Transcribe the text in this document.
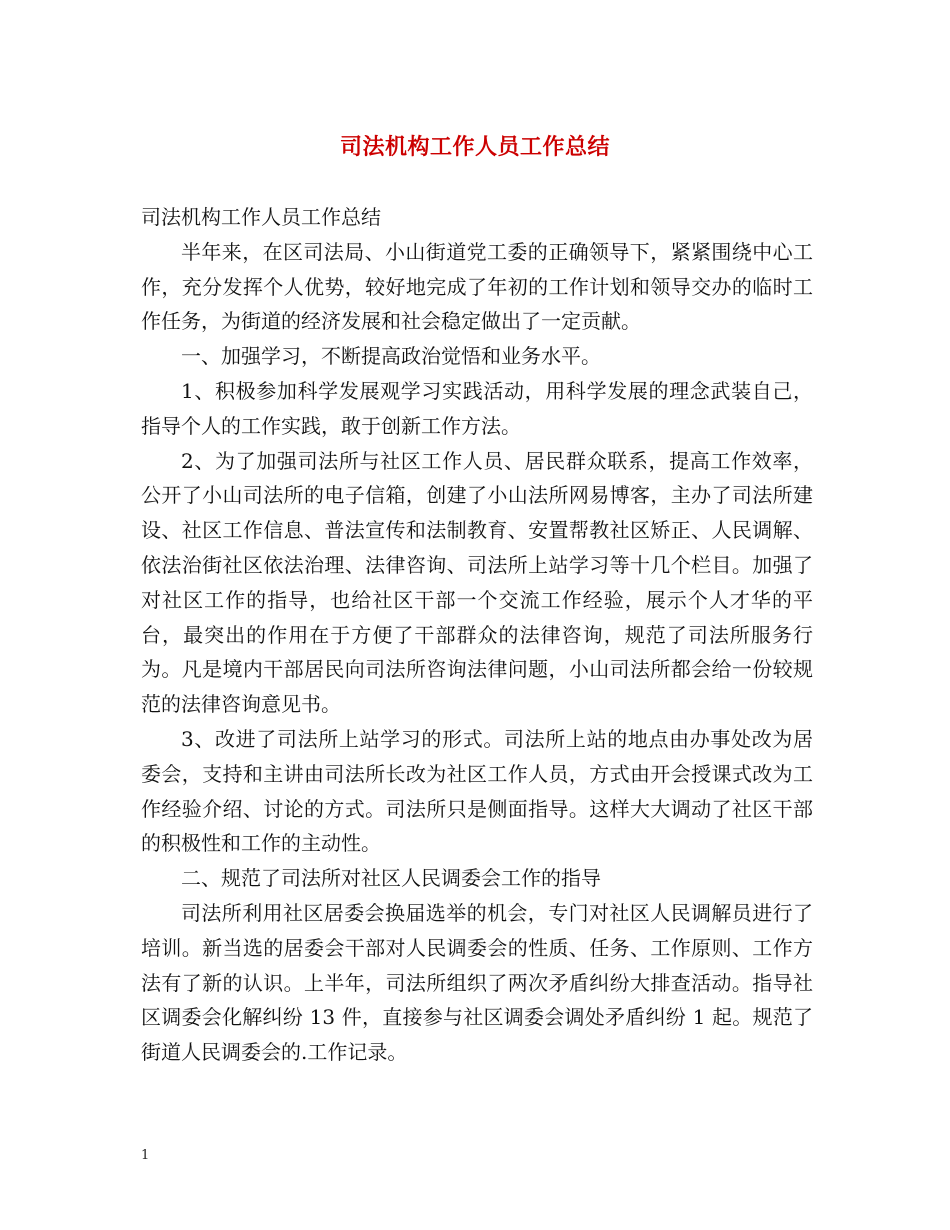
司法机构工作人员工作总结

司法机构工作人员工作总结

半年来，在区司法局、小山街道党工委的正确领导下，紧紧围绕中心工作，充分发挥个人优势，较好地完成了年初的工作计划和领导交办的临时工作任务，为街道的经济发展和社会稳定做出了一定贡献。

一、加强学习，不断提高政治觉悟和业务水平。

1、积极参加科学发展观学习实践活动，用科学发展的理念武装自己，指导个人的工作实践，敢于创新工作方法。

2、为了加强司法所与社区工作人员、居民群众联系，提高工作效率，公开了小山司法所的电子信箱，创建了小山法所网易博客，主办了司法所建设、社区工作信息、普法宣传和法制教育、安置帮教社区矫正、人民调解、依法治街社区依法治理、法律咨询、司法所上站学习等十几个栏目。加强了对社区工作的指导，也给社区干部一个交流工作经验，展示个人才华的平台，最突出的作用在于方便了干部群众的法律咨询，规范了司法所服务行为。凡是境内干部居民向司法所咨询法律问题，小山司法所都会给一份较规范的法律咨询意见书。

3、改进了司法所上站学习的形式。司法所上站的地点由办事处改为居委会，支持和主讲由司法所长改为社区工作人员，方式由开会授课式改为工作经验介绍、讨论的方式。司法所只是侧面指导。这样大大调动了社区干部的积极性和工作的主动性。

二、规范了司法所对社区人民调委会工作的指导

司法所利用社区居委会换届选举的机会，专门对社区人民调解员进行了培训。新当选的居委会干部对人民调委会的性质、任务、工作原则、工作方法有了新的认识。上半年，司法所组织了两次矛盾纠纷大排查活动。指导社区调委会化解纠纷 13 件，直接参与社区调委会调处矛盾纠纷 1 起。规范了街道人民调委会的.工作记录。

1
